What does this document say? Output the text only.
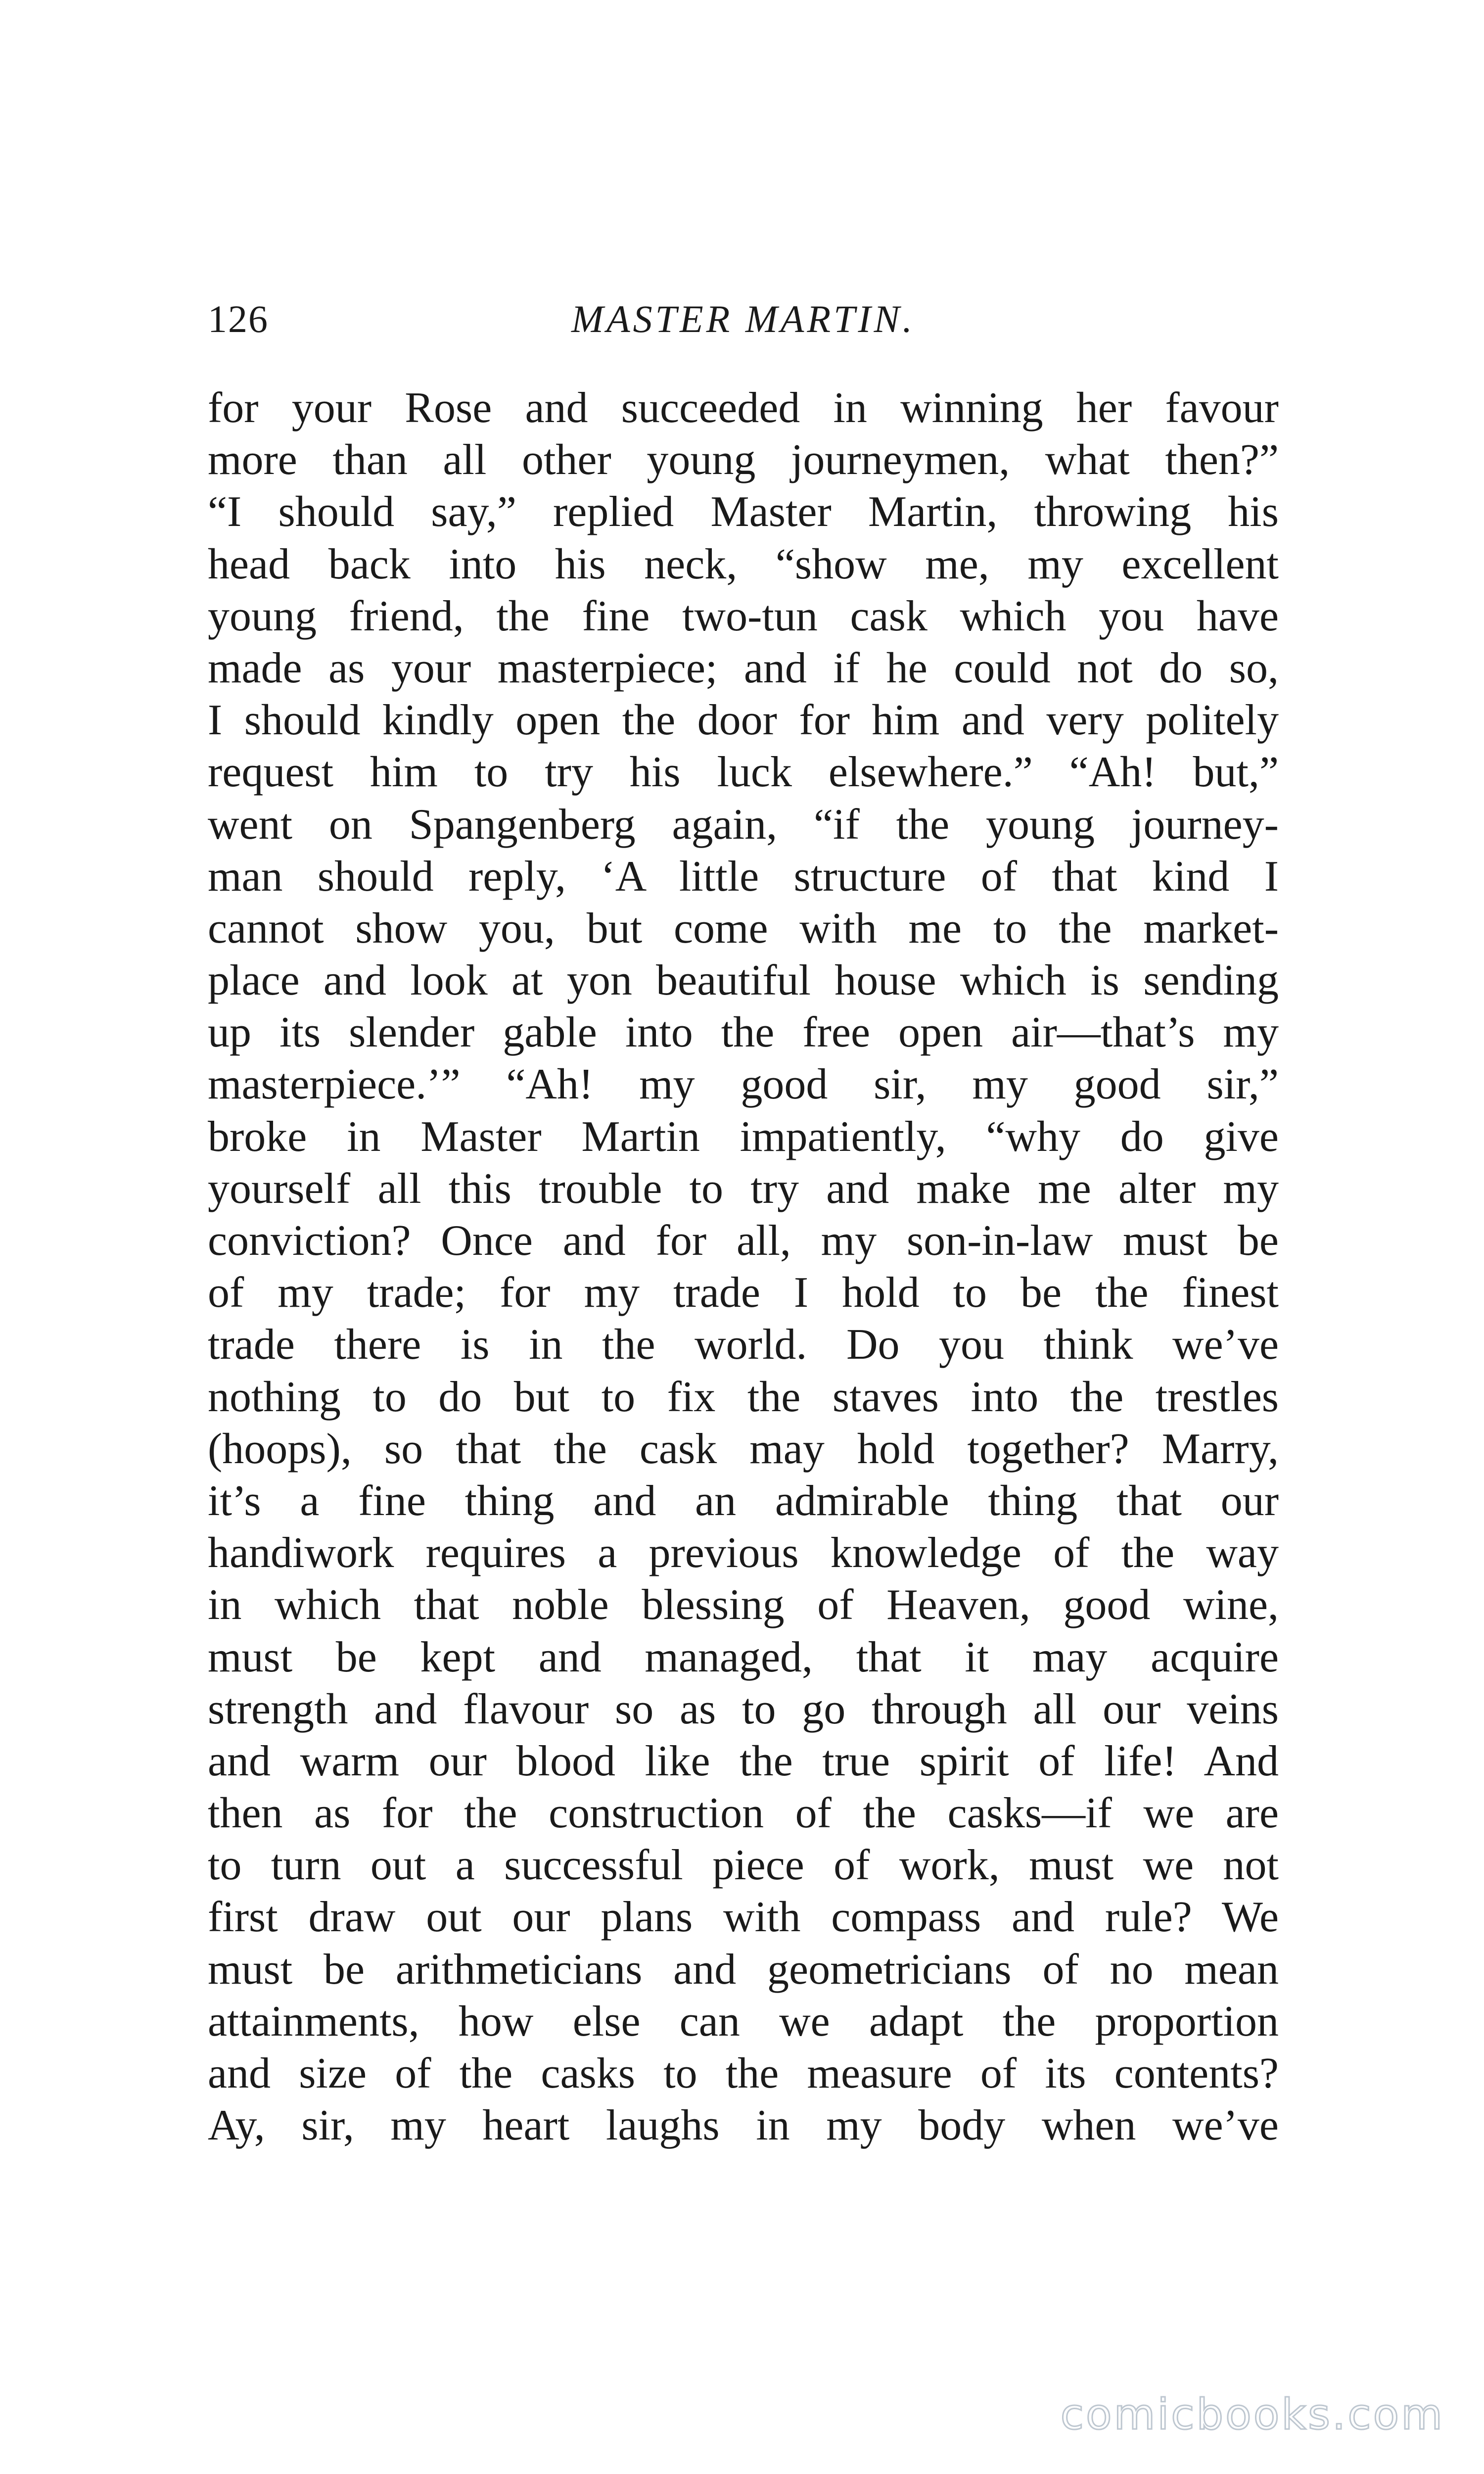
126	MASTER MARTIN.
for your Rose and succeeded in winning her favour
more than all other young journeymen, what then?”
“I should say,” replied Master Martin, throwing his
head back into his neck, “show me, my excellent
young friend, the fine two-tun cask which you have
made as your masterpiece; and if he could not do so,
I should kindly open the door for him and very politely
request him to try his luck elsewhere.” “Ah! but,”
went on Spangenberg again, “if the young journey-
man should reply, ‘A little structure of that kind I
cannot show you, but come with me to the market-
place and look at yon beautiful house which is sending
up its slender gable into the free open air—that’s my
masterpiece.’” “Ah! my good sir, my good sir,”
broke in Master Martin impatiently, “why do give
yourself all this trouble to try and make me alter my
conviction? Once and for all, my son-in-law must be
of my trade; for my trade I hold to be the finest
trade there is in the world. Do you think we’ve
nothing to do but to fix the staves into the trestles
(hoops), so that the cask may hold together? Marry,
it’s a fine thing and an admirable thing that our
handiwork requires a previous knowledge of the way
in which that noble blessing of Heaven, good wine,
must be kept and managed, that it may acquire
strength and flavour so as to go through all our veins
and warm our blood like the true spirit of life! And
then as for the construction of the casks—if we are
to turn out a successful piece of work, must we not
first draw out our plans with compass and rule? We
must be arithmeticians and geometricians of no mean
attainments, how else can we adapt the proportion
and size of the casks to the measure of its contents?
Ay, sir, my heart laughs in my body when we’ve
comicbooks.com
